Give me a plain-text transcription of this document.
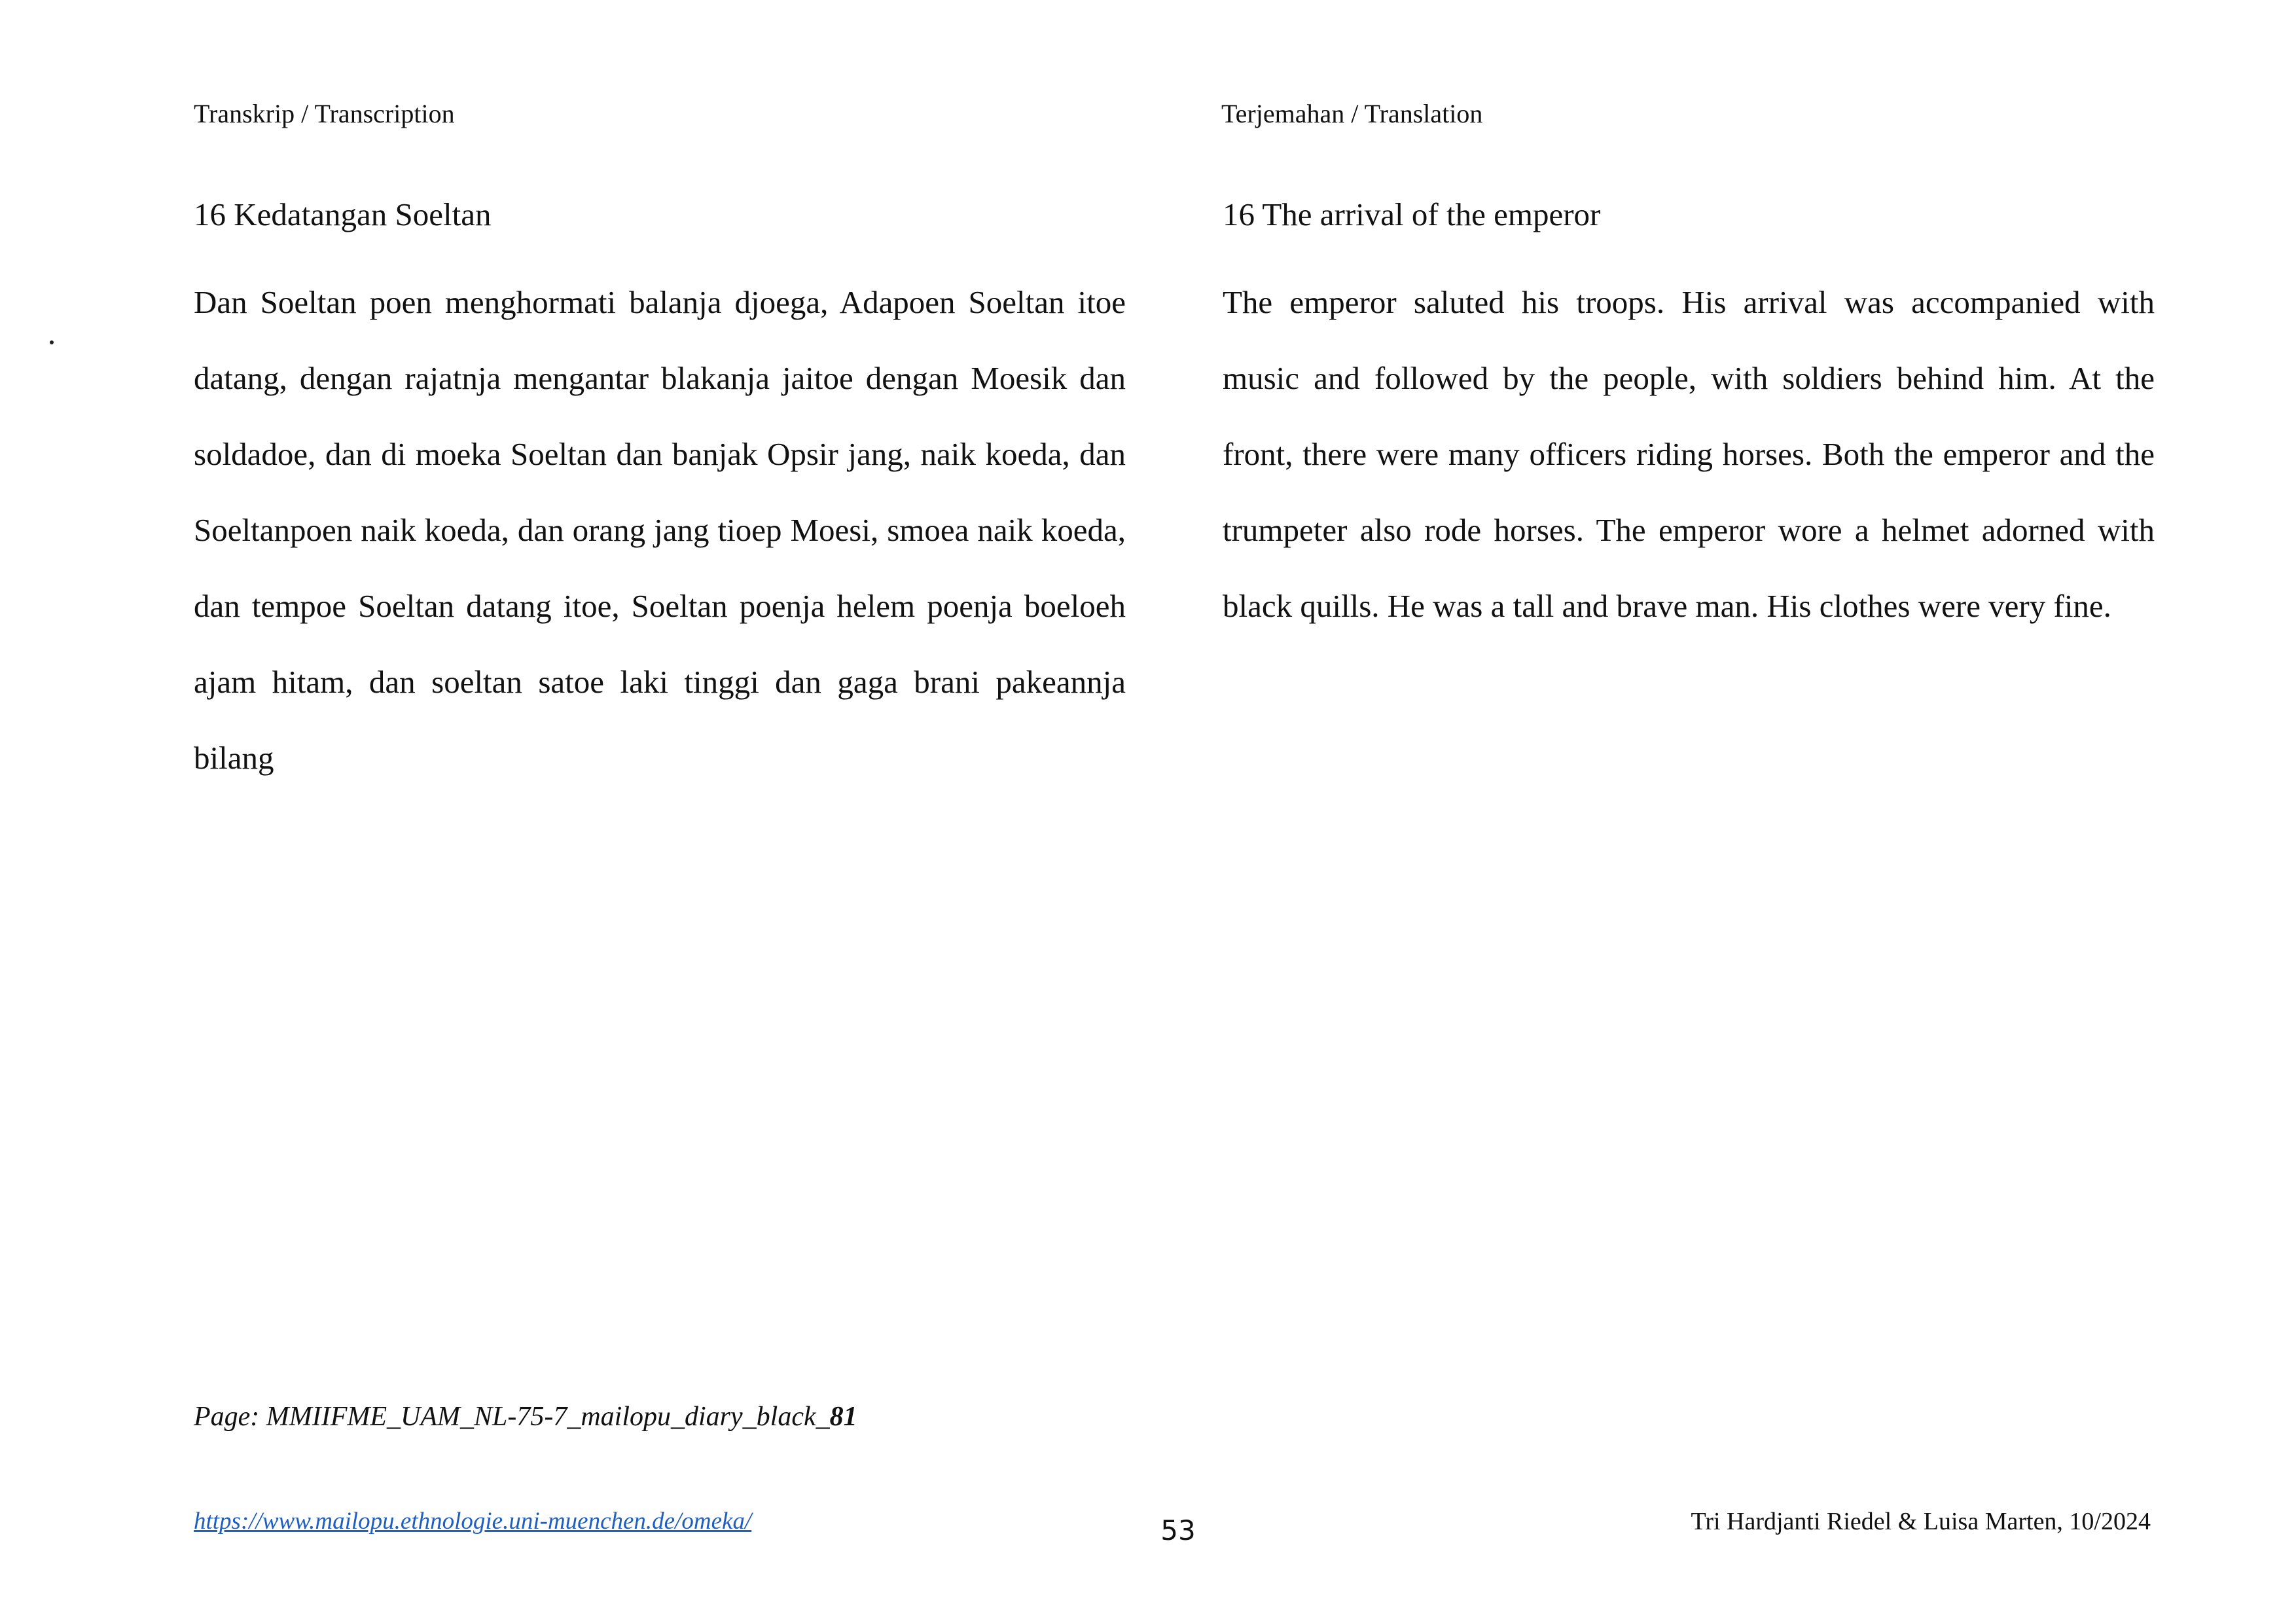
Transkrip / Transcription	Terjemahan / Translation
16 Kedatangan Soeltan

Dan Soeltan poen menghormati balanja djoega, Adapoen Soeltan itoe datang, dengan rajatnja mengantar blakanja jaitoe dengan Moesik dan soldadoe, dan di moeka Soeltan dan banjak Opsir jang, naik koeda, dan Soeltanpoen naik koeda, dan orang jang tioep Moesi, smoea naik koeda, dan tempoe Soeltan datang itoe, Soeltan poenja helem poenja boeloeh ajam hitam, dan soeltan satoe laki tinggi dan gaga brani pakeannja bilang

16 The arrival of the emperor

The emperor saluted his troops. His arrival was accompanied with music and followed by the people, with soldiers behind him. At the front, there were many officers riding horses. Both the emperor and the trumpeter also rode horses. The emperor wore a helmet adorned with black quills. He was a tall and brave man. His clothes were very fine.

Page: MMIIFME_UAM_NL-75-7_mailopu_diary_black_81
https://www.mailopu.ethnologie.uni-muenchen.de/omeka/	53	Tri Hardjanti Riedel & Luisa Marten, 10/2024
